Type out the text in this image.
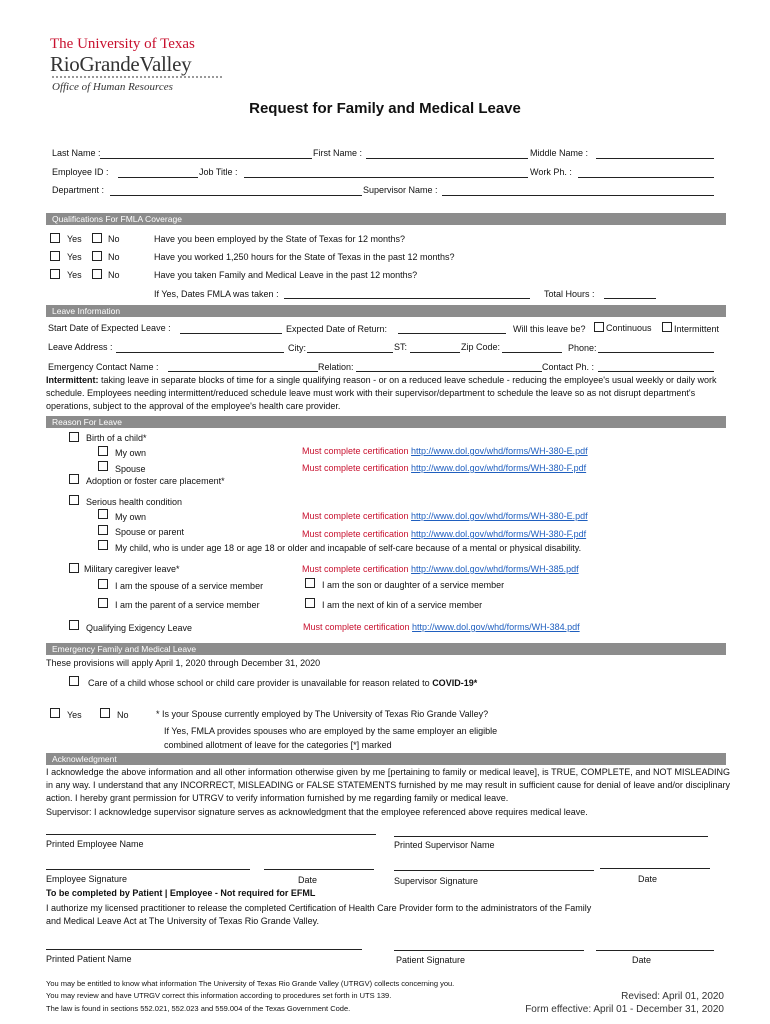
The University of Texas
RioGrandeValley
Office of Human Resources
Request for Family and Medical Leave
Last Name :	First Name :	Middle Name :
Employee ID :	Job Title :	Work Ph. :
Department :	Supervisor Name :
Qualifications For FMLA Coverage
Yes	No	Have you been employed by the State of Texas for 12 months?
Yes	No	Have you worked 1,250 hours for the State of Texas in the past 12 months?
Yes	No	Have you taken Family and Medical Leave in the past 12 months?
If Yes, Dates FMLA was taken :	Total Hours :
Leave Information
Start Date of Expected Leave :	Expected Date of Return:	Will this leave be? Continuous Intermittent
Leave Address :	City:	ST:	Zip Code:	Phone:
Emergency Contact Name :	Relation:	Contact Ph. :
Intermittent: taking leave in separate blocks of time for a single qualifying reason - or on a reduced leave schedule - reducing the employee's usual weekly or daily work schedule. Employees needing intermittent/reduced schedule leave must work with their supervisor/department to schedule the leave so as not disrupt department's operations, subject to the approval of the employee's health care provider.
Reason For Leave
Birth of a child*
My own	Must complete certification http://www.dol.gov/whd/forms/WH-380-E.pdf
Spouse	Must complete certification http://www.dol.gov/whd/forms/WH-380-F.pdf
Adoption or foster care placement*
Serious health condition
My own	Must complete certification http://www.dol.gov/whd/forms/WH-380-E.pdf
Spouse or parent	Must complete certification http://www.dol.gov/whd/forms/WH-380-F.pdf
My child, who is under age 18 or age 18 or older and incapable of self-care because of a mental or physical disability.
Military caregiver leave*	Must complete certification http://www.dol.gov/whd/forms/WH-385.pdf
I am the spouse of a service member	I am the son or daughter of a service member
I am the parent of a service member	I am the next of kin of a service member
Qualifying Exigency Leave	Must complete certification http://www.dol.gov/whd/forms/WH-384.pdf
Emergency Family and Medical Leave
These provisions will apply April 1, 2020 through December 31, 2020
Care of a child whose school or child care provider is unavailable for reason related to COVID-19*
Yes	No	* Is your Spouse currently employed by The University of Texas Rio Grande Valley?
If Yes, FMLA provides spouses who are employed by the same employer an eligible
combined allotment of leave for the categories [*] marked
Acknowledgment
I acknowledge the above information and all other information otherwise given by me [pertaining to family or medical leave], is TRUE, COMPLETE, and NOT MISLEADING in any way. I understand that any INCORRECT, MISLEADING or FALSE STATEMENTS furnished by me may result in sufficient cause for denial of leave and/or disciplinary action. I hereby grant permission for UTRGV to verify information furnished by me regarding family or medical leave.
Supervisor: I acknowledge supervisor signature serves as acknowledgment that the employee referenced above requires medical leave.
Printed Employee Name	Printed Supervisor Name
Employee Signature	Date	Supervisor Signature	Date
To be completed by Patient | Employee - Not required for EFML
I authorize my licensed practitioner to release the completed Certification of Health Care Provider form to the administrators of the Family and Medical Leave Act at The University of Texas Rio Grande Valley.
Printed Patient Name	Patient Signature	Date
You may be entitled to know what information The University of Texas Rio Grande Valley (UTRGV) collects concerning you.
You may review and have UTRGV correct this information according to procedures set forth in UTS 139.
The law is found in sections 552.021, 552.023 and 559.004 of the Texas Government Code.
Revised: April 01, 2020
Form effective: April 01 - December 31, 2020
